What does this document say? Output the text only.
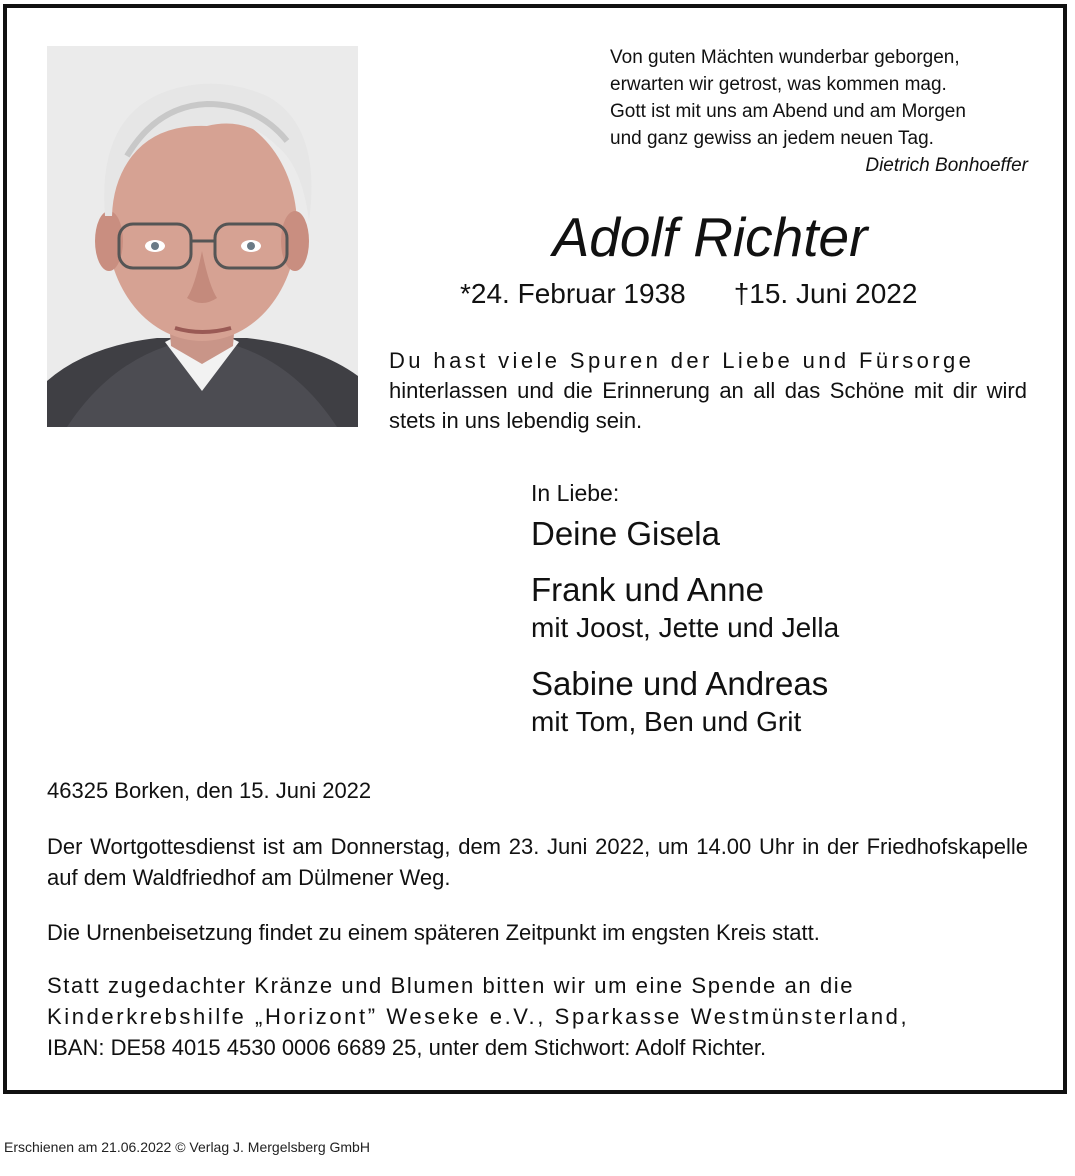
Von guten Mächten wunderbar geborgen,
erwarten wir getrost, was kommen mag.
Gott ist mit uns am Abend und am Morgen
und ganz gewiss an jedem neuen Tag.
Dietrich Bonhoeffer
Adolf Richter
*24. Februar 1938 †15. Juni 2022
Du hast viele Spuren der Liebe und Fürsorge
hinterlassen und die Erinnerung an all das Schöne mit dir wird stets in uns lebendig sein.
In Liebe:
Deine Gisela
Frank und Anne
mit Joost, Jette und Jella
Sabine und Andreas
mit Tom, Ben und Grit
46325 Borken, den 15. Juni 2022
Der Wortgottesdienst ist am Donnerstag, dem 23. Juni 2022, um 14.00 Uhr in der Friedhofskapelle auf dem Waldfriedhof am Dülmener Weg.
Die Urnenbeisetzung findet zu einem späteren Zeitpunkt im engsten Kreis statt.
Statt zugedachter Kränze und Blumen bitten wir um eine Spende an die
Kinderkrebshilfe „Horizont” Weseke e.V., Sparkasse Westmünsterland,
IBAN: DE58 4015 4530 0006 6689 25, unter dem Stichwort: Adolf Richter.
Erschienen am 21.06.2022 © Verlag J. Mergelsberg GmbH
